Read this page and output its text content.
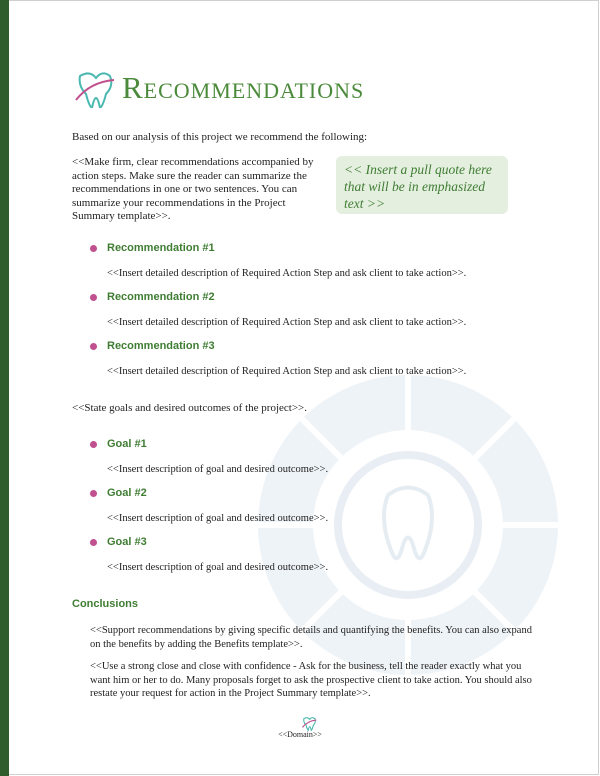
Recommendations
Based on our analysis of this project we recommend the following:
<<Make firm, clear recommendations accompanied by action steps. Make sure the reader can summarize the recommendations in one or two sentences. You can summarize your recommendations in the Project Summary template>>.
<< Insert a pull quote here that will be in emphasized text >>
Recommendation #1
<<Insert detailed description of Required Action Step and ask client to take action>>.
Recommendation #2
<<Insert detailed description of Required Action Step and ask client to take action>>.
Recommendation #3
<<Insert detailed description of Required Action Step and ask client to take action>>.
<<State goals and desired outcomes of the project>>.
Goal #1
<<Insert description of goal and desired outcome>>.
Goal #2
<<Insert description of goal and desired outcome>>.
Goal #3
<<Insert description of goal and desired outcome>>.
Conclusions
<<Support recommendations by giving specific details and quantifying the benefits. You can also expand on the benefits by adding the Benefits template>>.
<<Use a strong close and close with confidence - Ask for the business, tell the reader exactly what you want him or her to do. Many proposals forget to ask the prospective client to take action. You should also restate your request for action in the Project Summary template>>.
<<Domain>>
